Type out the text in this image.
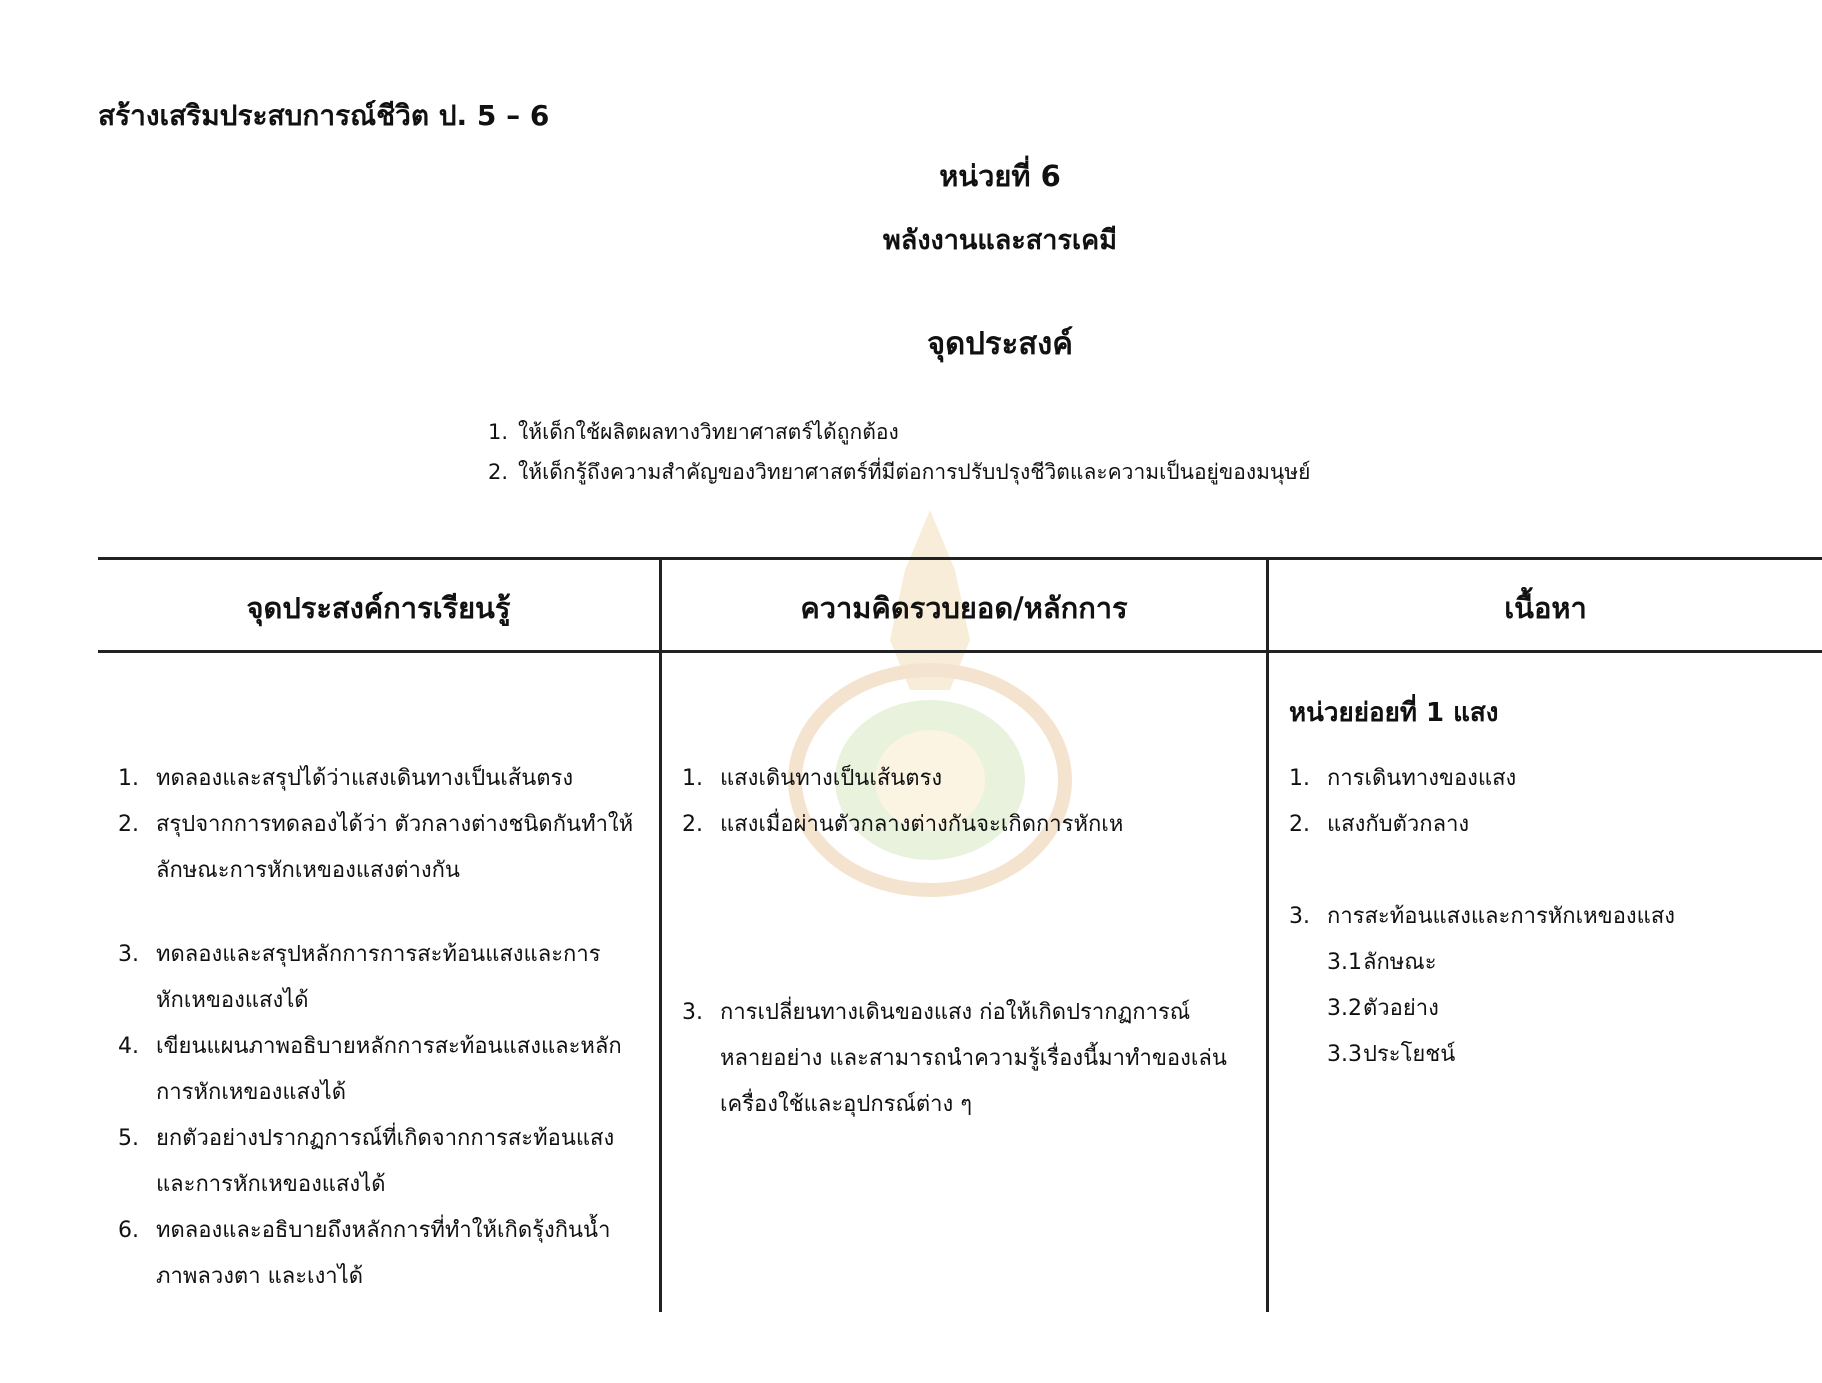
สร้างเสริมประสบการณ์ชีวิต ป. 5 – 6
หน่วยที่ 6
พลังงานและสารเคมี
จุดประสงค์
1. ให้เด็กใช้ผลิตผลทางวิทยาศาสตร์ได้ถูกต้อง
2. ให้เด็กรู้ถึงความสำคัญของวิทยาศาสตร์ที่มีต่อการปรับปรุงชีวิตและความเป็นอยู่ของมนุษย์
จุดประสงค์การเรียนรู้	ความคิดรวบยอด/หลักการ	เนื้อหา
1. ทดลองและสรุปได้ว่าแสงเดินทางเป็นเส้นตรง
2. สรุปจากการทดลองได้ว่า ตัวกลางต่างชนิดกันทำให้ลักษณะการหักเหของแสงต่างกัน
3. ทดลองและสรุปหลักการการสะท้อนแสงและการหักเหของแสงได้
4. เขียนแผนภาพอธิบายหลักการสะท้อนแสงและหลักการหักเหของแสงได้
5. ยกตัวอย่างปรากฏการณ์ที่เกิดจากการสะท้อนแสงและการหักเหของแสงได้
6. ทดลองและอธิบายถึงหลักการที่ทำให้เกิดรุ้งกินน้ำ ภาพลวงตา และเงาได้
1. แสงเดินทางเป็นเส้นตรง
2. แสงเมื่อผ่านตัวกลางต่างกันจะเกิดการหักเห
3. การเปลี่ยนทางเดินของแสง ก่อให้เกิดปรากฏการณ์หลายอย่าง และสามารถนำความรู้เรื่องนี้มาทำของเล่น เครื่องใช้และอุปกรณ์ต่าง ๆ
หน่วยย่อยที่ 1 แสง
1. การเดินทางของแสง
2. แสงกับตัวกลาง
3. การสะท้อนแสงและการหักเหของแสง
3.1 ลักษณะ
3.2 ตัวอย่าง
3.3 ประโยชน์
